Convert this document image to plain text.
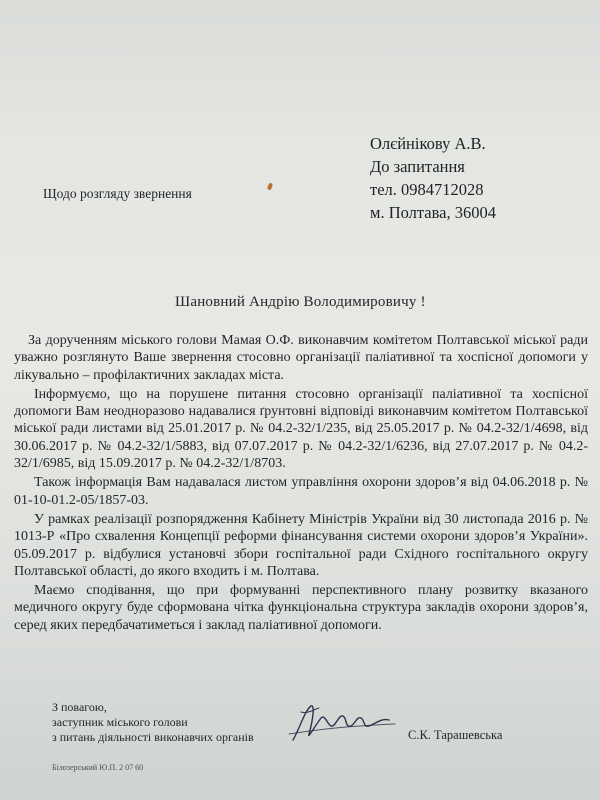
Олєйнікову А.В.
До запитання
тел. 0984712028
м. Полтава, 36004
Щодо розгляду звернення
Шановний Андрію Володимировичу !

За дорученням міського голови Мамая О.Ф. виконавчим комітетом Полтавської міської ради уважно розглянуто Ваше звернення стосовно організації паліативної та хоспісної допомоги у лікувально – профілактичних закладах міста.

Інформуємо, що на порушене питання стосовно організації паліативної та хоспісної допомоги Вам неодноразово надавалися ґрунтовні відповіді виконавчим комітетом Полтавської міської ради листами від 25.01.2017 р. № 04.2-32/1/235, від 25.05.2017 р. № 04.2-32/1/4698, від 30.06.2017 р. № 04.2-32/1/5883, від 07.07.2017 р. № 04.2-32/1/6236, від 27.07.2017 р. № 04.2-32/1/6985, від 15.09.2017 р. № 04.2-32/1/8703.

Також інформація Вам надавалася листом управління охорони здоров’я від 04.06.2018 р. № 01-10-01.2-05/1857-03.

У рамках реалізації розпорядження Кабінету Міністрів України від 30 листопада 2016 р. № 1013-Р «Про схвалення Концепції реформи фінансування системи охорони здоров’я України». 05.09.2017 р. відбулися установчі збори госпітальної ради Східного госпітального округу Полтавської області, до якого входить і м. Полтава.

Маємо сподівання, що при формуванні перспективного плану розвитку вказаного медичного округу буде сформована чітка функціональна структура закладів охорони здоров’я, серед яких передбачатиметься і заклад паліативної допомоги.

З повагою,
заступник міського голови
з питань діяльності виконавчих органів	С.К. Тарашевська
Білозерський Ю.П. 2 07 60
